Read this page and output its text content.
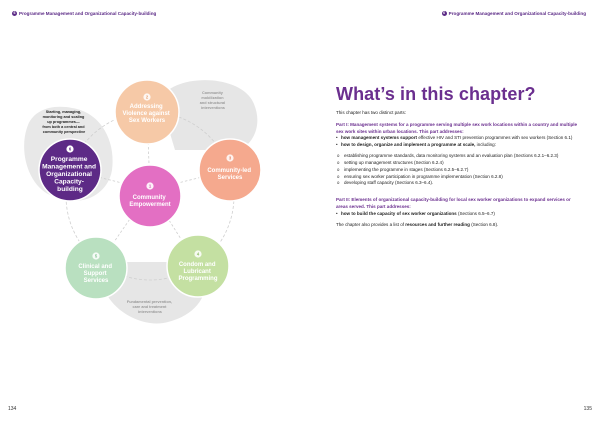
6 Programme Management and Organizational Capacity-building
2
Addressing Violence against Sex Workers
3
Community-led Services
4
Condom and Lubricant Programming
5
Clinical and Support Services
6
Programme Management and Organizational Capacity- building	1
Community Empowerment
Community mobilization and structural interventions
Fundamental prevention, care and treatment interventions
Starting, managing, monitoring and scaling up programmes— from both a central and community perspective
134
6 Programme Management and Organizational Capacity-building
What’s in this chapter?

This chapter has two distinct parts:

Part I: Management systems for a programme serving multiple sex work locations within a country and multiple sex work sites within urban locations. This part addresses:

• how management systems support effective HIV and STI prevention programmes with sex workers (Section 6.1)
• how to design, organize and implement a programme at scale, including:
o establishing programme standards, data monitoring systems and an evaluation plan (Sections 6.2.1–6.2.3)
o setting up management structures (Section 6.2.4)
o implementing the programme in stages (Sections 6.2.5–6.2.7)
o ensuring sex worker participation in programme implementation (Section 6.2.8)
o developing staff capacity (Sections 6.3–6.4).

Part II: Elements of organizational capacity-building for local sex worker organizations to expand services or areas served. This part addresses:

• how to build the capacity of sex worker organizations (Sections 6.5–6.7)

The chapter also provides a list of resources and further reading (Section 6.8).

135
